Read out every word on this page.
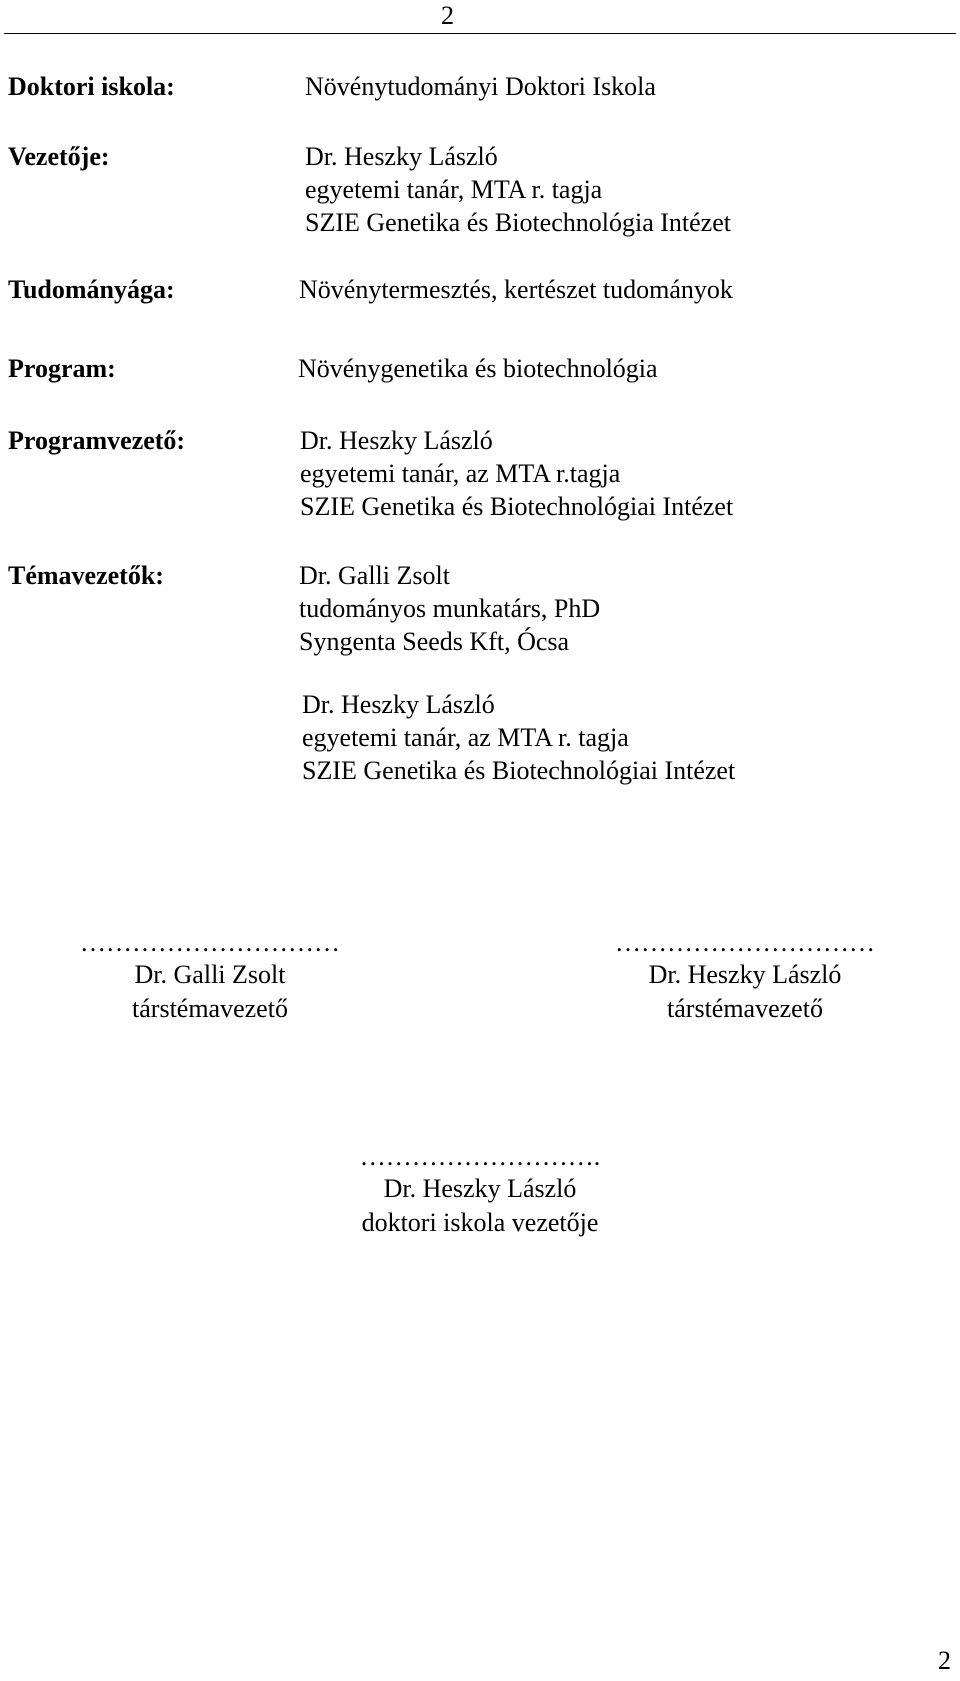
2
Doktori iskola:	Növénytudományi Doktori Iskola
Vezetője:	Dr. Heszky László
egyetemi tanár, MTA r. tagja
SZIE Genetika és Biotechnológia Intézet
Tudományága:	Növénytermesztés, kertészet tudományok
Program:	Növénygenetika és biotechnológia
Programvezető:	Dr. Heszky László
egyetemi tanár, az MTA r.tagja
SZIE Genetika és Biotechnológiai Intézet
Témavezetők:	Dr. Galli Zsolt
tudományos munkatárs, PhD
Syngenta Seeds Kft, Ócsa
Dr. Heszky László
egyetemi tanár, az MTA r. tagja
SZIE Genetika és Biotechnológiai Intézet
…………………………
Dr. Galli Zsolt
társtémavezető
…………………………
Dr. Heszky László
társtémavezető
……………………….
Dr. Heszky László
doktori iskola vezetője
2
